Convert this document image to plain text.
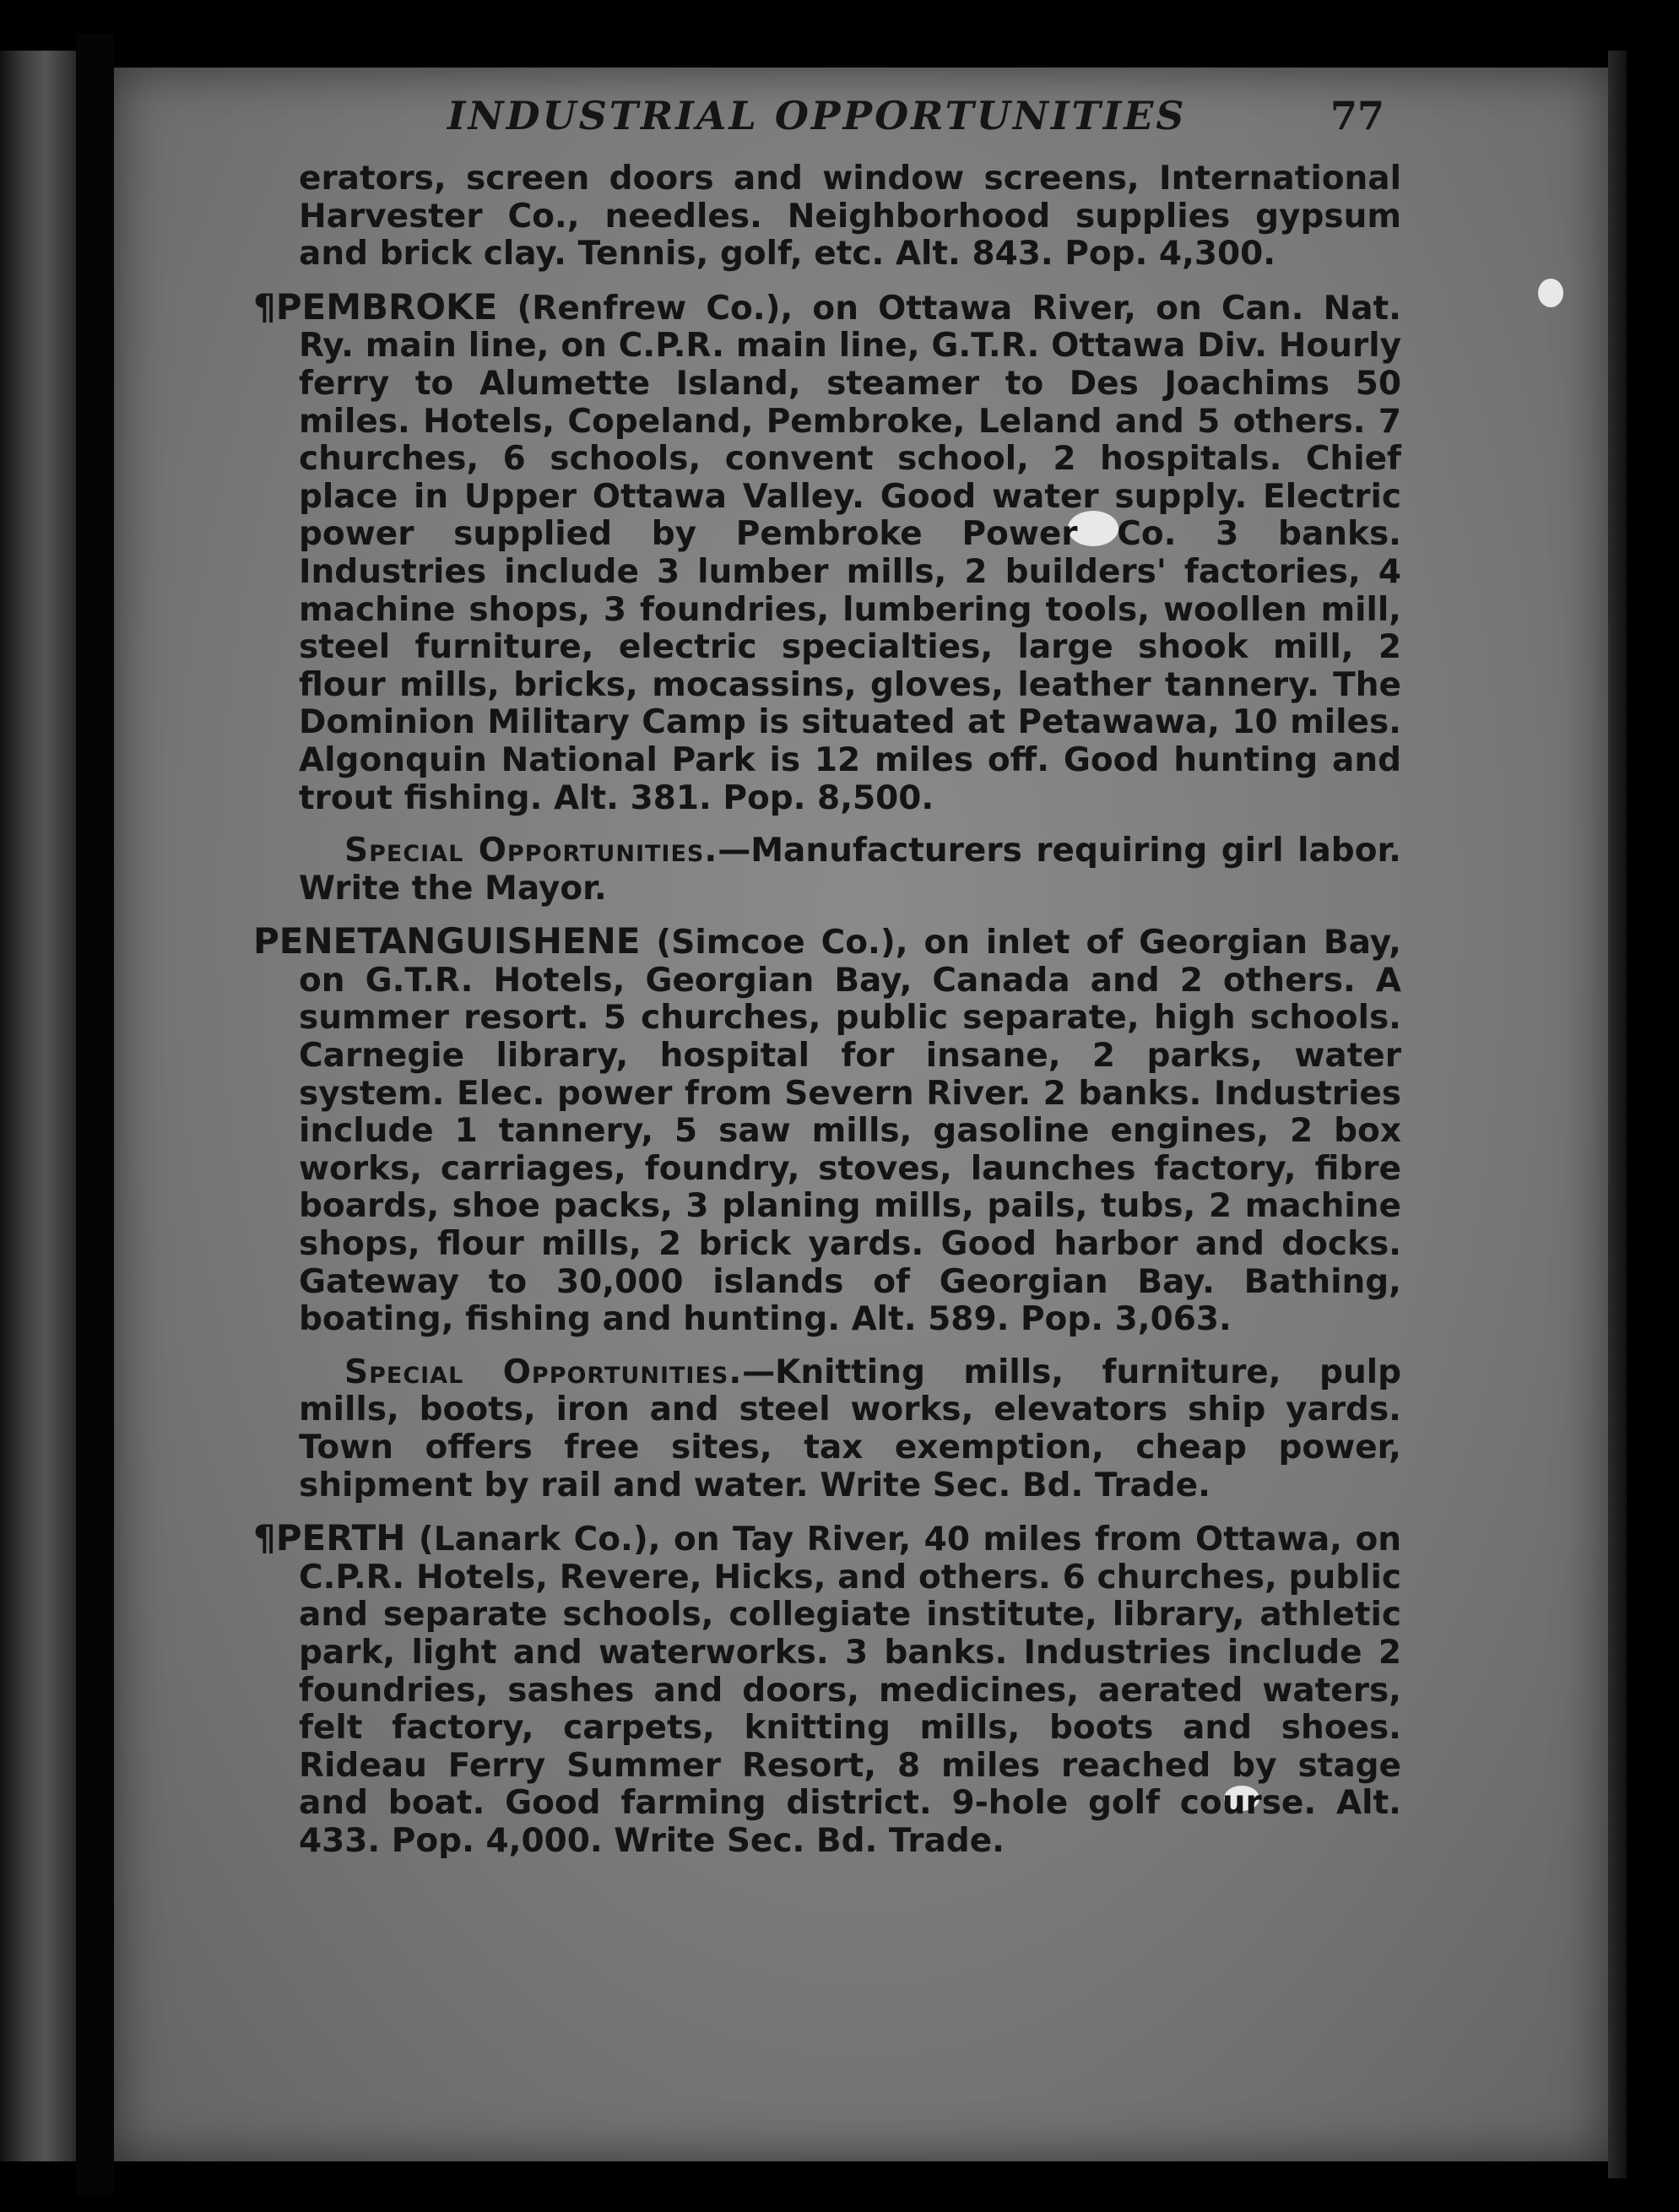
INDUSTRIAL OPPORTUNITIES	77

erators, screen doors and window screens, International Harvester Co., needles. Neighborhood supplies gypsum and brick clay. Tennis, golf, etc. Alt. 843. Pop. 4,300.

¶PEMBROKE (Renfrew Co.), on Ottawa River, on Can. Nat. Ry. main line, on C.P.R. main line, G.T.R. Ottawa Div. Hourly ferry to Alumette Island, steamer to Des Joachims 50 miles. Hotels, Copeland, Pembroke, Leland and 5 others. 7 churches, 6 schools, convent school, 2 hospitals. Chief place in Upper Ottawa Valley. Good water supply. Electric power supplied by Pembroke Power Co. 3 banks. Industries include 3 lumber mills, 2 builders' factories, 4 machine shops, 3 foundries, lumbering tools, woollen mill, steel furniture, electric specialties, large shook mill, 2 flour mills, bricks, mocassins, gloves, leather tannery. The Dominion Military Camp is situated at Petawawa, 10 miles. Algonquin National Park is 12 miles off. Good hunting and trout fishing. Alt. 381. Pop. 8,500.

Special Opportunities.—Manufacturers requiring girl labor. Write the Mayor.

PENETANGUISHENE (Simcoe Co.), on inlet of Georgian Bay, on G.T.R. Hotels, Georgian Bay, Canada and 2 others. A summer resort. 5 churches, public separate, high schools. Carnegie library, hospital for insane, 2 parks, water system. Elec. power from Severn River. 2 banks. Industries include 1 tannery, 5 saw mills, gasoline engines, 2 box works, carriages, foundry, stoves, launches factory, fibre boards, shoe packs, 3 planing mills, pails, tubs, 2 machine shops, flour mills, 2 brick yards. Good harbor and docks. Gateway to 30,000 islands of Georgian Bay. Bathing, boating, fishing and hunting. Alt. 589. Pop. 3,063.

Special Opportunities.—Knitting mills, furniture, pulp mills, boots, iron and steel works, elevators ship yards. Town offers free sites, tax exemption, cheap power, shipment by rail and water. Write Sec. Bd. Trade.

¶PERTH (Lanark Co.), on Tay River, 40 miles from Ottawa, on C.P.R. Hotels, Revere, Hicks, and others. 6 churches, public and separate schools, collegiate institute, library, athletic park, light and waterworks. 3 banks. Industries include 2 foundries, sashes and doors, medicines, aerated waters, felt factory, carpets, knitting mills, boots and shoes. Rideau Ferry Summer Resort, 8 miles reached by stage and boat. Good farming district. 9-hole golf course. Alt. 433. Pop. 4,000. Write Sec. Bd. Trade.
